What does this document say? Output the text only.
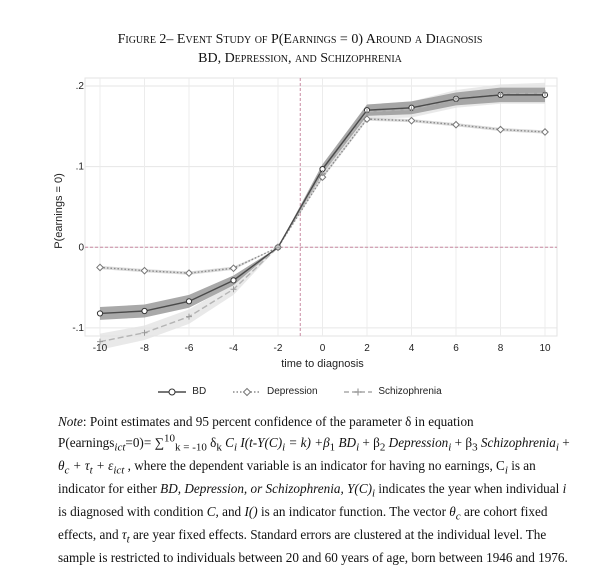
Figure 2– Event Study of P(Earnings = 0) Around a Diagnosis
BD, Depression, and Schizophrenia
-.1
0
.1
.2
-10	-8	-6	-4	-2	0	2	4	6	8	10
time to diagnosis
P(earnings = 0)
BD
	Depression
	Schizophrenia
Note: Point estimates and 95 percent confidence of the parameter δ in equation
P(earnings$_{ict}$=0)= ∑$^{10}_{k = -10}$ $\delta_k$ $C_i$ $I(t-Y(C)_i = k) +\beta_1$ $BD_i + \beta_2$ Depression$_i$ + $\beta_3$ Schizophrenia$_i$ +
$\theta_c + \tau_t + \varepsilon_{ict}$ , where the dependent variable is an indicator for having no earnings, $C_i$ is an indicator for either BD, Depression, or Schizophrenia, $Y(C)_i$ indicates the year when individual i is diagnosed with condition C, and I() is an indicator function. The vector $\theta_c$ are cohort fixed effects, and $\tau_t$ are year fixed effects. Standard errors are clustered at the individual level. The sample is restricted to individuals between 20 and 60 years of age, born between 1946 and 1976.
